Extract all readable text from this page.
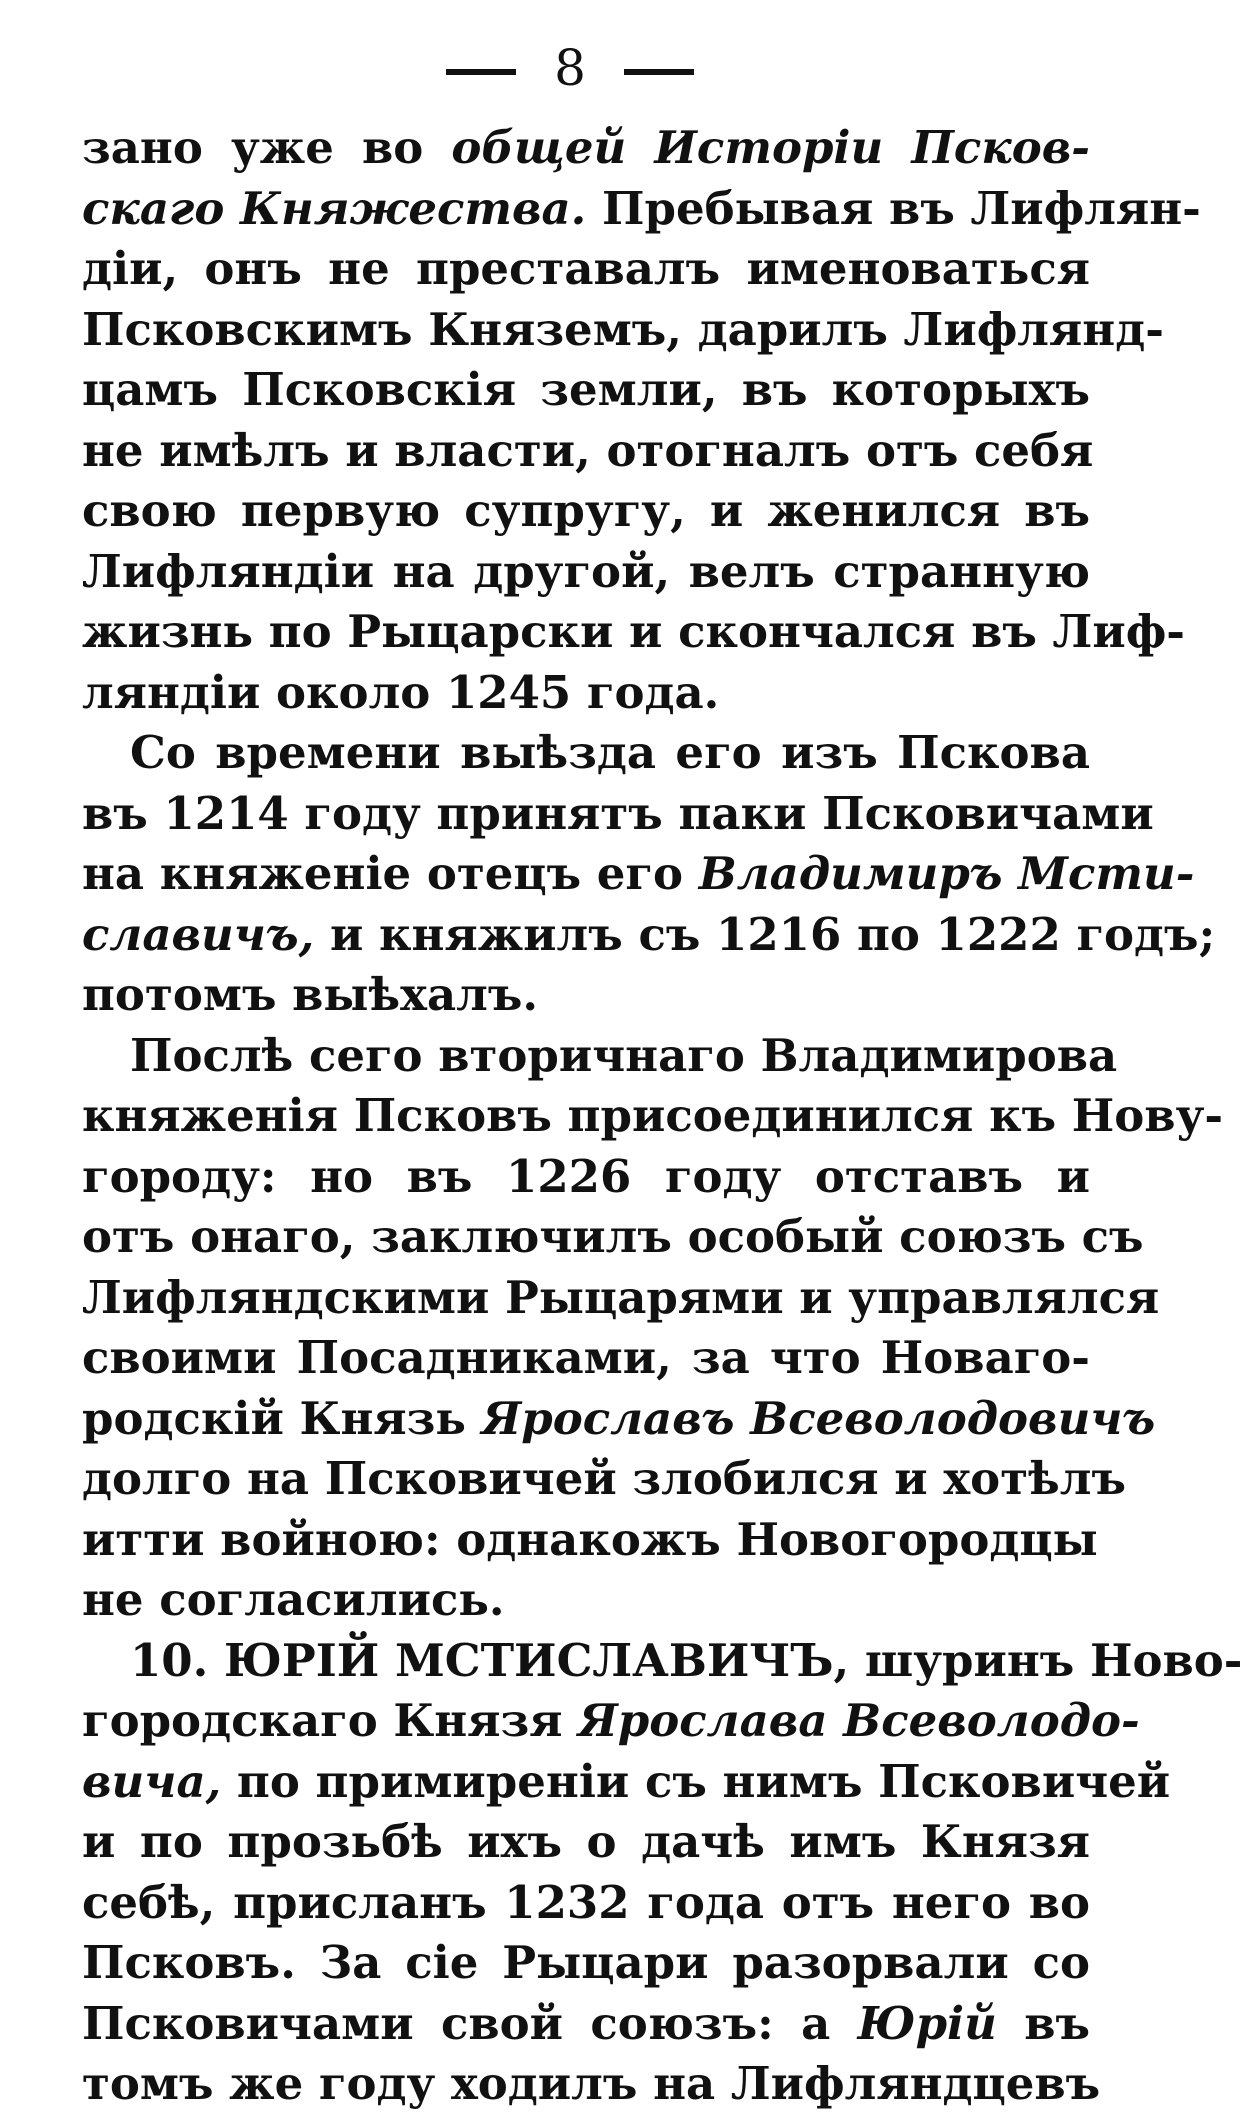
8
зано уже во общей Исторіи Псков-
скаго Княжества. Пребывая въ Лифлян-
діи, онъ не преставалъ именоваться
Псковскимъ Княземъ, дарилъ Лифлянд-
цамъ Псковскія земли, въ которыхъ
не имѣлъ и власти, отогналъ отъ себя
свою первую супругу, и женился въ
Лифляндіи на другой, велъ странную
жизнь по Рыцарски и скончался въ Лиф-
ляндіи около 1245 года.
Со времени выѣзда его изъ Пскова
въ 1214 году принятъ паки Псковичами
на княженіе отецъ его Владимиръ Мсти-
славичъ, и княжилъ съ 1216 по 1222 годъ;
потомъ выѣхалъ.
Послѣ сего вторичнаго Владимирова
княженія Псковъ присоединился къ Нову-
городу: но въ 1226 году отставъ и
отъ онаго, заключилъ особый союзъ съ
Лифляндскими Рыцарями и управлялся
своими Посадниками, за что Новаго-
родскій Князь Ярославъ Всеволодовичъ
долго на Псковичей злобился и хотѣлъ
итти войною: однакожъ Новогородцы
не согласились.
10. ЮРІЙ МСТИСЛАВИЧЪ, шуринъ Ново-
городскаго Князя Ярослава Всеволодо-
вича, по примиреніи съ нимъ Псковичей
и по прозьбѣ ихъ о дачѣ имъ Князя
себѣ, присланъ 1232 года отъ него во
Псковъ. За сіе Рыцари разорвали со
Псковичами свой союзъ: а Юрій въ
томъ же году ходилъ на Лифляндцевъ
